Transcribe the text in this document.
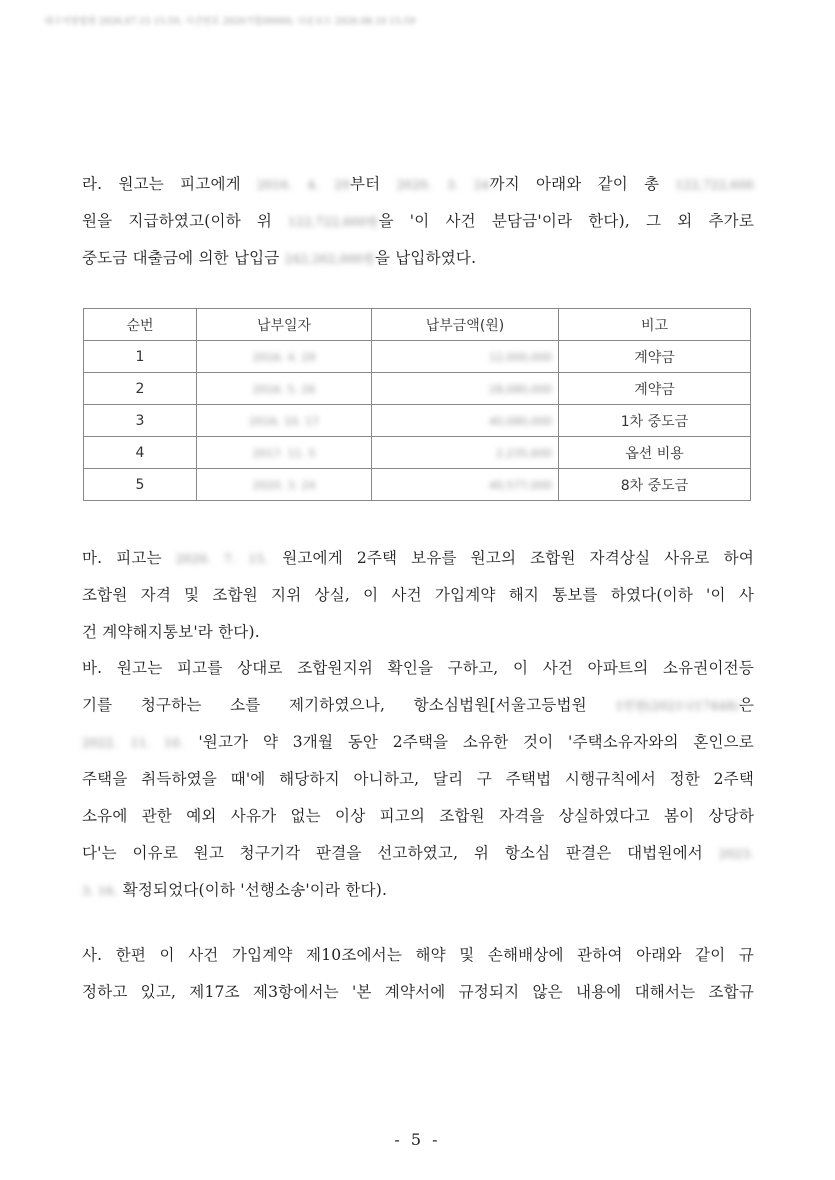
대구지방법원 2026.07.15 15:59, 사건번호 2026가합00000, 다운로드 2026.08.10 15:59
라. 원고는 피고에게 2016. 4. 29부터 2020. 3. 24까지 아래와 같이 총 122,722,600
원을 지급하였고(이하 위 122,722,600원을 '이 사건 분담금'이라 한다), 그 외 추가로
중도금 대출금에 의한 납입금 242,262,000원을 납입하였다.
순번	납부일자	납부금액(원)	비고
1	2016. 4. 29	12,000,000	계약금
2	2016. 5. 26	28,080,000	계약금
3	2016. 10. 17	40,080,000	1차 중도금
4	2017. 11. 5	2,235,600	옵션 비용
5	2020. 3. 24	40,577,000	8차 중도금
마. 피고는 2020. 7. 15. 원고에게 2주택 보유를 원고의 조합원 자격상실 사유로 하여
조합원 자격 및 조합원 지위 상실, 이 사건 가입계약 해지 통보를 하였다(이하 '이 사
건 계약해지통보'라 한다).
바. 원고는 피고를 상대로 조합원지위 확인을 구하고, 이 사건 아파트의 소유권이전등
기를 청구하는 소를 제기하였으나, 항소심법원[서울고등법원 1빈원(2021나17448)은
2022. 11. 10. '원고가 약 3개월 동안 2주택을 소유한 것이 '주택소유자와의 혼인으로
주택을 취득하였을 때'에 해당하지 아니하고, 달리 구 주택법 시행규칙에서 정한 2주택
소유에 관한 예외 사유가 없는 이상 피고의 조합원 자격을 상실하였다고 봄이 상당하
다'는 이유로 원고 청구기각 판결을 선고하였고, 위 항소심 판결은 대법원에서 2023.
3. 16. 확정되었다(이하 '선행소송'이라 한다).
사. 한편 이 사건 가입계약 제10조에서는 해약 및 손해배상에 관하여 아래와 같이 규
정하고 있고, 제17조 제3항에서는 '본 계약서에 규정되지 않은 내용에 대해서는 조합규
- 5 -
